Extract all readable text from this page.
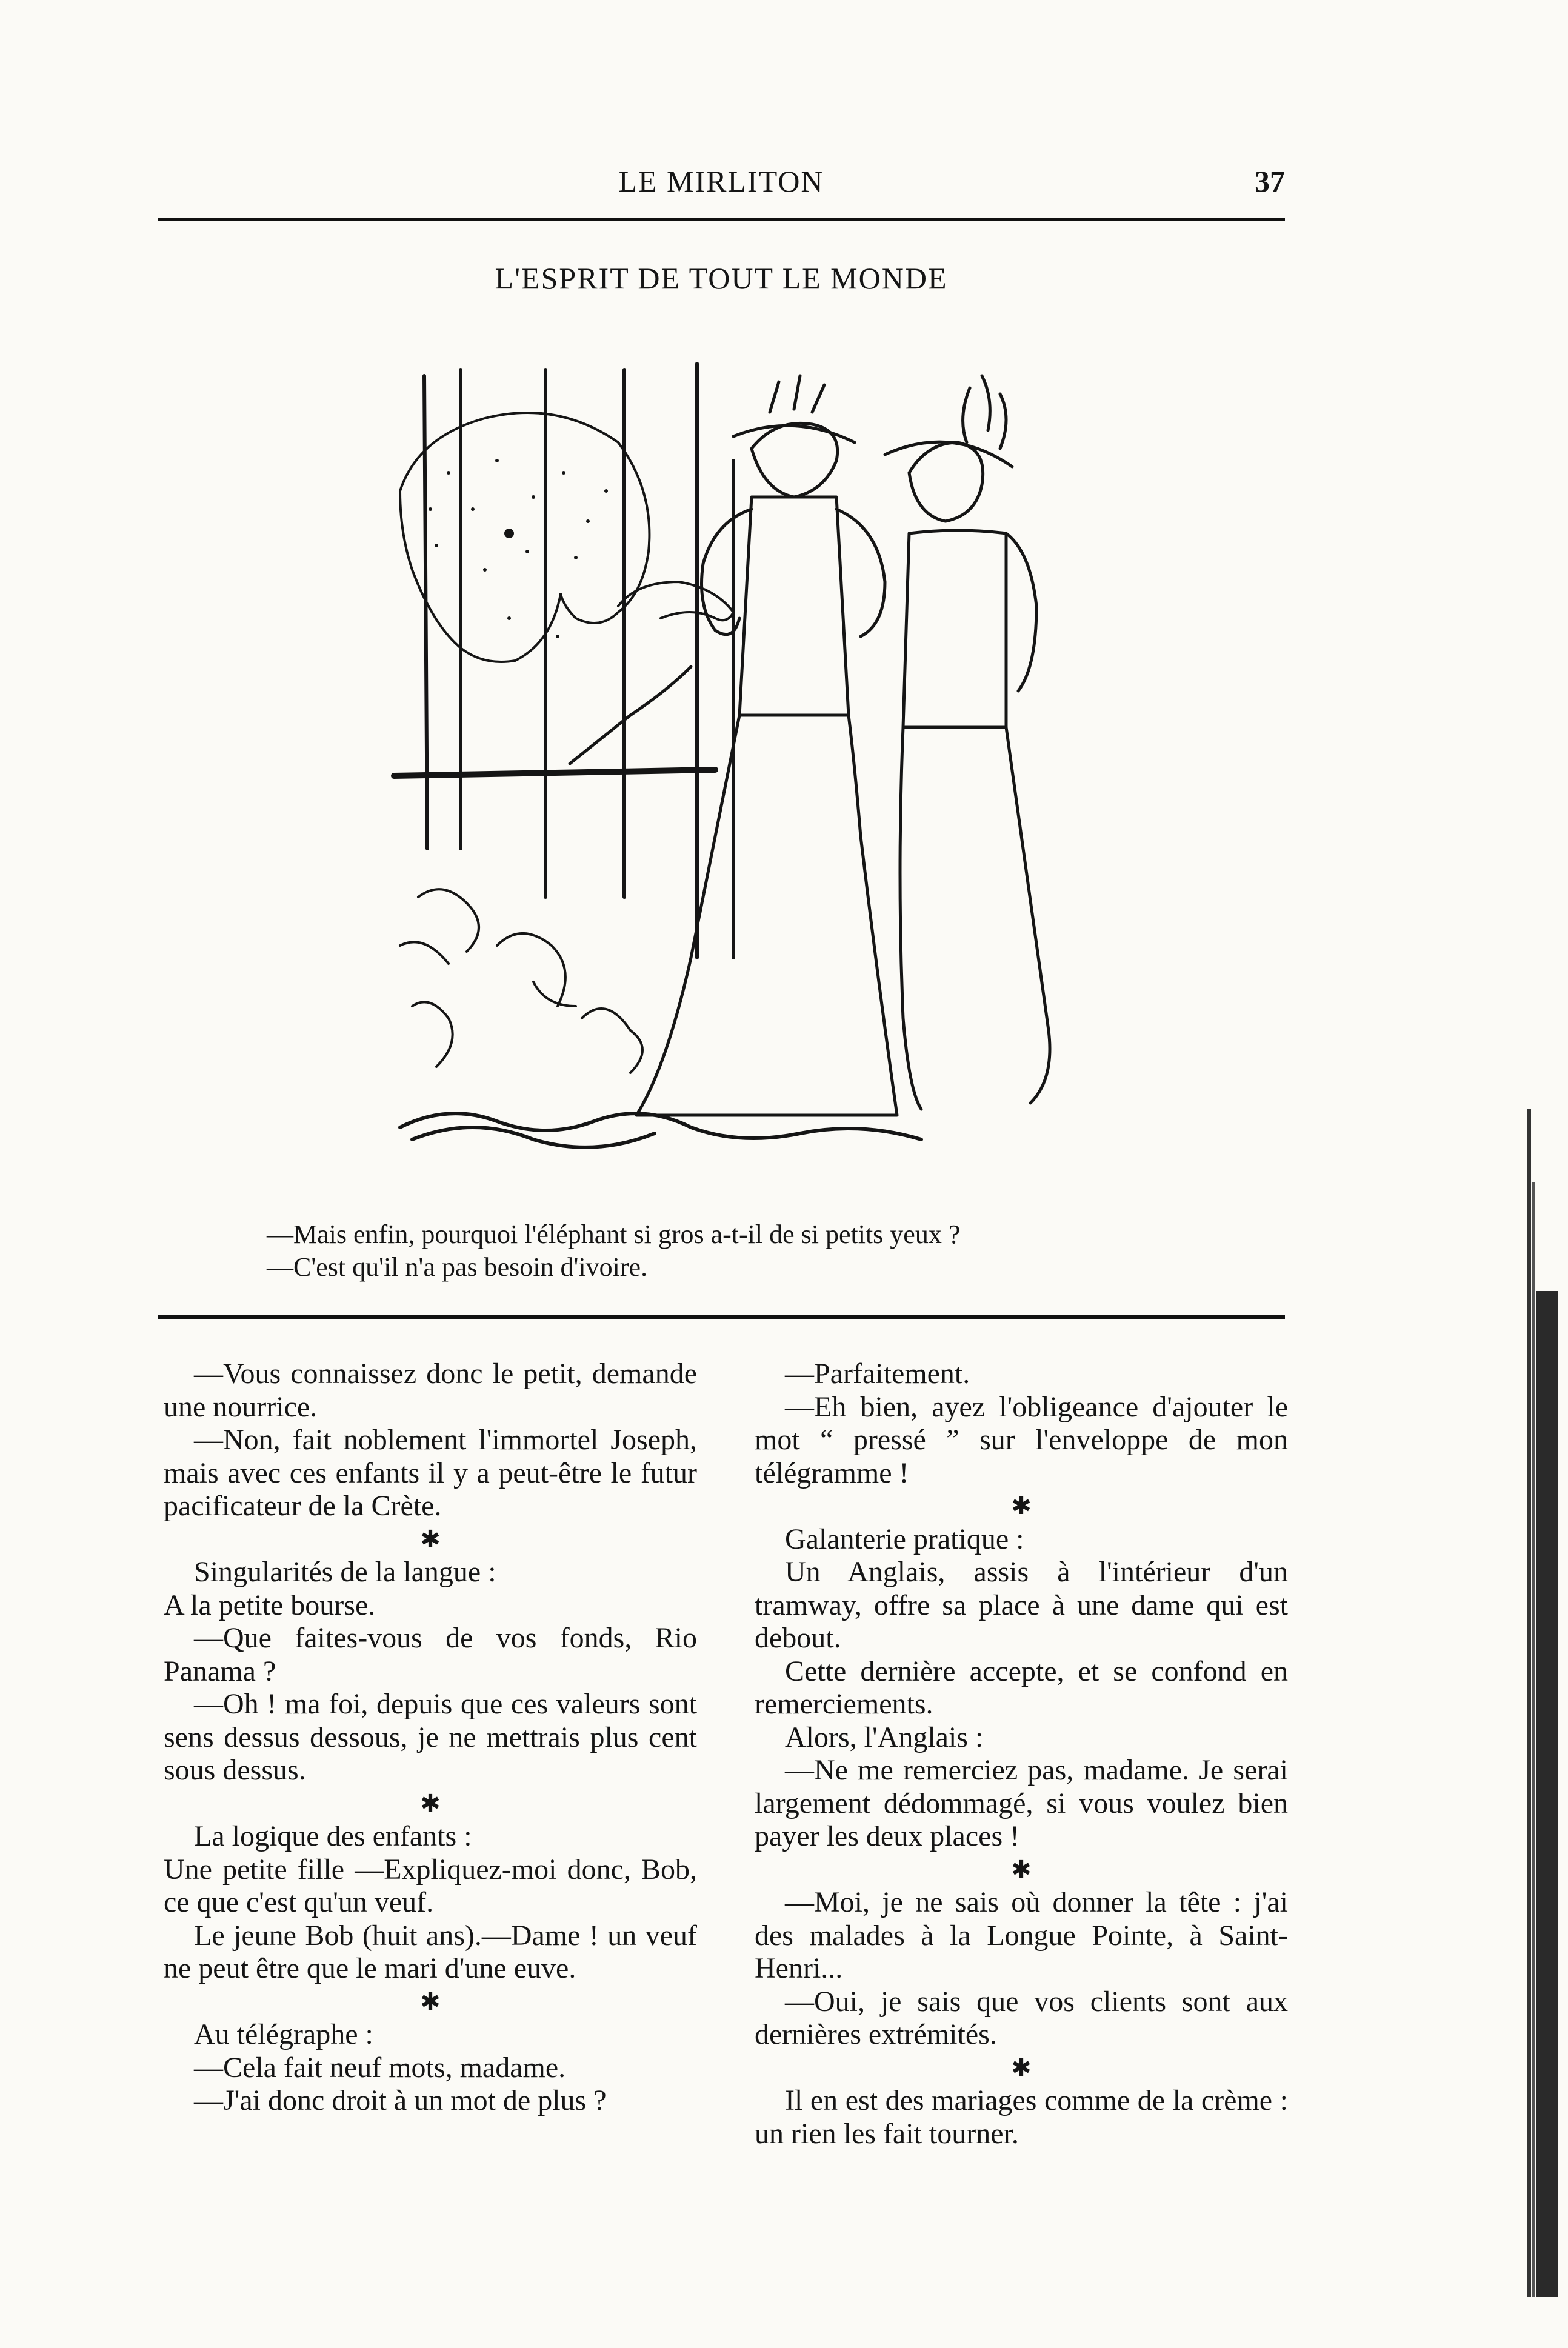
LE MIRLITON	37
L'ESPRIT DE TOUT LE MONDE
—Mais enfin, pourquoi l'éléphant si gros a-t-il de si petits yeux ?
—C'est qu'il n'a pas besoin d'ivoire.

—Vous connaissez donc le petit, demande une nourrice.

—Non, fait noblement l'immortel Joseph, mais avec ces enfants il y a peut-être le futur pacificateur de la Crète.

✱

Singularités de la langue :

A la petite bourse.

—Que faites-vous de vos fonds, Rio Panama ?

—Oh ! ma foi, depuis que ces valeurs sont sens dessus dessous, je ne mettrais plus cent sous dessus.

✱

La logique des enfants :

Une petite fille —Expliquez-moi donc, Bob, ce que c'est qu'un veuf.

Le jeune Bob (huit ans).—Dame ! un veuf ne peut être que le mari d'une euve.

✱

Au télégraphe :

—Cela fait neuf mots, madame.

—J'ai donc droit à un mot de plus ?

—Parfaitement.

—Eh bien, ayez l'obligeance d'ajouter le mot “ pressé ” sur l'enveloppe de mon télégramme !

✱

Galanterie pratique :

Un Anglais, assis à l'intérieur d'un tramway, offre sa place à une dame qui est debout.

Cette dernière accepte, et se confond en remerciements.

Alors, l'Anglais :

—Ne me remerciez pas, madame. Je serai largement dédommagé, si vous voulez bien payer les deux places !

✱

—Moi, je ne sais où donner la tête : j'ai des malades à la Longue Pointe, à Saint-Henri...

—Oui, je sais que vos clients sont aux dernières extrémités.

✱

Il en est des mariages comme de la crème : un rien les fait tourner.
